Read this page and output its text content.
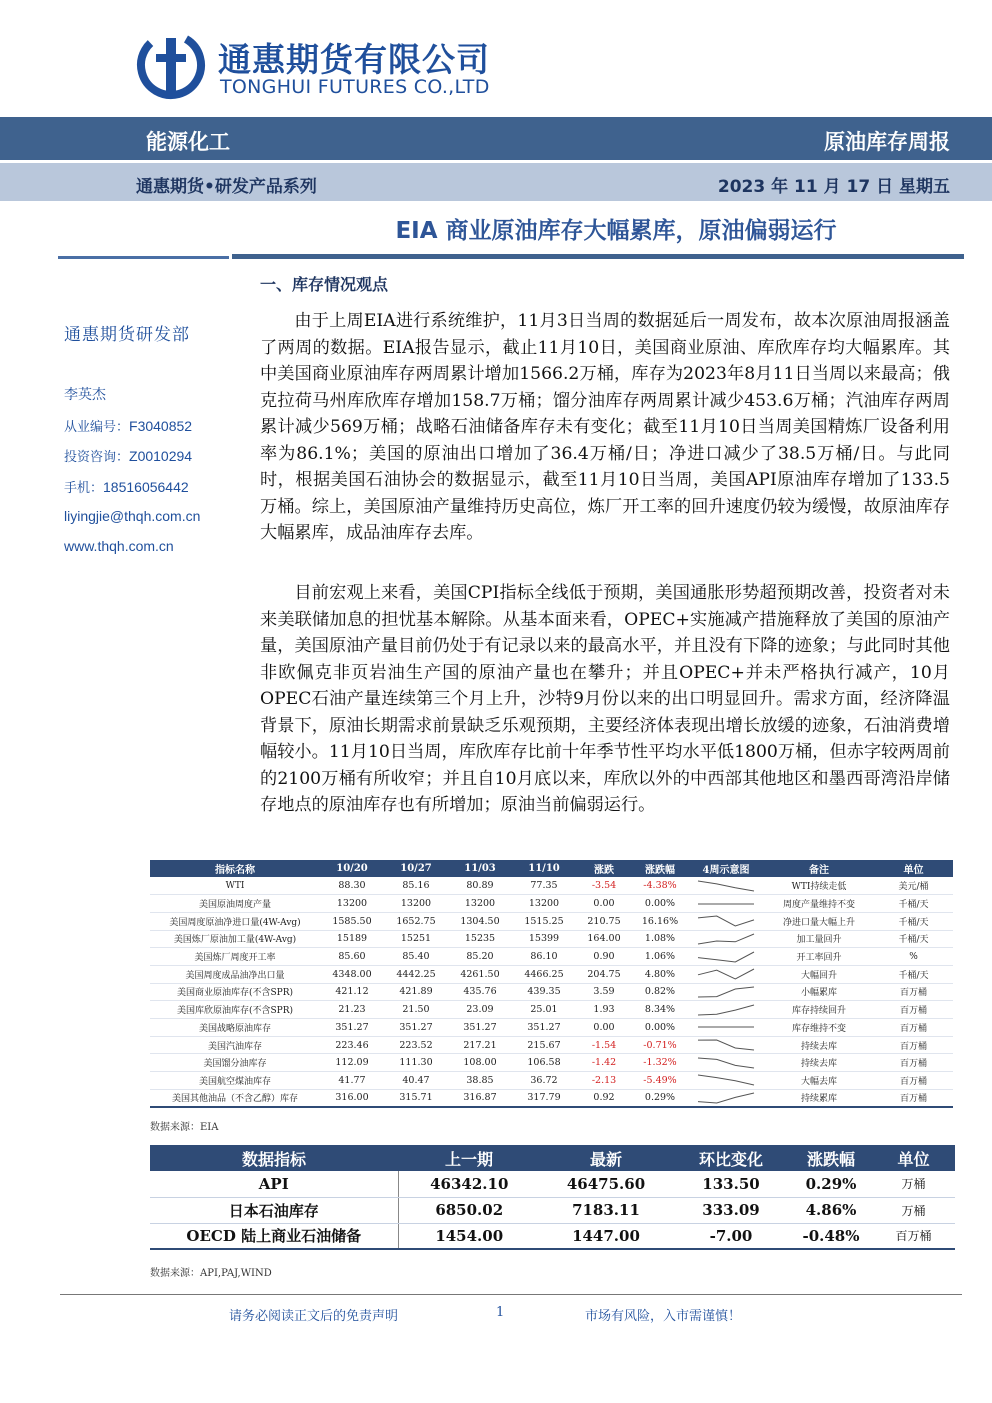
通惠期货有限公司
TONGHUI FUTURES CO.,LTD
能源化工	原油库存周报
通惠期货•研发产品系列	2023 年 11 月 17 日 星期五
EIA 商业原油库存大幅累库，原油偏弱运行
通惠期货研发部
李英杰
从业编号：F3040852
投资咨询：Z0010294
手机：18516056442
liyingjie@thqh.com.cn
www.thqh.com.cn
一、库存情况观点

由于上周EIA进行系统维护，11月3日当周的数据延后一周发布，故本次原油周报涵盖了两周的数据。EIA报告显示，截止11月10日，美国商业原油、库欣库存均大幅累库。其中美国商业原油库存两周累计增加1566.2万桶，库存为2023年8月11日当周以来最高；俄克拉荷马州库欣库存增加158.7万桶；馏分油库存两周累计减少453.6万桶；汽油库存两周累计减少569万桶；战略石油储备库存未有变化；截至11月10日当周美国精炼厂设备利用率为86.1%；美国的原油出口增加了36.4万桶/日；净进口减少了38.5万桶/日。与此同时，根据美国石油协会的数据显示，截至11月10日当周，美国API原油库存增加了133.5万桶。综上，美国原油产量维持历史高位，炼厂开工率的回升速度仍较为缓慢，故原油库存大幅累库，成品油库存去库。

目前宏观上来看，美国CPI指标全线低于预期，美国通胀形势超预期改善，投资者对未来美联储加息的担忧基本解除。从基本面来看，OPEC+实施减产措施释放了美国的原油产量，美国原油产量目前仍处于有记录以来的最高水平，并且没有下降的迹象；与此同时其他非欧佩克非页岩油生产国的原油产量也在攀升；并且OPEC+并未严格执行减产，10月OPEC石油产量连续第三个月上升，沙特9月份以来的出口明显回升。需求方面，经济降温背景下，原油长期需求前景缺乏乐观预期，主要经济体表现出增长放缓的迹象，石油消费增幅较小。11月10日当周，库欣库存比前十年季节性平均水平低1800万桶，但赤字较两周前的2100万桶有所收窄；并且自10月底以来，库欣以外的中西部其他地区和墨西哥湾沿岸储存地点的原油库存也有所增加；原油当前偏弱运行。

指标名称	10/20	10/27	11/03	11/10	涨跌	涨跌幅	4周示意图	备注	单位
WTI	88.30	85.16	80.89	77.35	-3.54	-4.38%		WTI持续走低	美元/桶
美国原油周度产量	13200	13200	13200	13200	0.00	0.00%		周度产量维持不变	千桶/天
美国周度原油净进口量(4W-Avg)	1585.50	1652.75	1304.50	1515.25	210.75	16.16%		净进口量大幅上升	千桶/天
美国炼厂原油加工量(4W-Avg)	15189	15251	15235	15399	164.00	1.08%		加工量回升	千桶/天
美国炼厂周度开工率	85.60	85.40	85.20	86.10	0.90	1.06%		开工率回升	%
美国周度成品油净出口量	4348.00	4442.25	4261.50	4466.25	204.75	4.80%		大幅回升	千桶/天
美国商业原油库存(不含SPR)	421.12	421.89	435.76	439.35	3.59	0.82%		小幅累库	百万桶
美国库欣原油库存(不含SPR)	21.23	21.50	23.09	25.01	1.93	8.34%		库存持续回升	百万桶
美国战略原油库存	351.27	351.27	351.27	351.27	0.00	0.00%		库存维持不变	百万桶
美国汽油库存	223.46	223.52	217.21	215.67	-1.54	-0.71%		持续去库	百万桶
美国馏分油库存	112.09	111.30	108.00	106.58	-1.42	-1.32%		持续去库	百万桶
美国航空煤油库存	41.77	40.47	38.85	36.72	-2.13	-5.49%		大幅去库	百万桶
美国其他油品（不含乙醇）库存	316.00	315.71	316.87	317.79	0.92	0.29%		持续累库	百万桶
数据来源：EIA
数据指标	上一期	最新	环比变化	涨跌幅	单位
API	46342.10	46475.60	133.50	0.29%	万桶
日本石油库存	6850.02	7183.11	333.09	4.86%	万桶
OECD 陆上商业石油储备	1454.00	1447.00	-7.00	-0.48%	百万桶
数据来源：API,PAJ,WIND
请务必阅读正文后的免责声明	1	市场有风险，入市需谨慎！
